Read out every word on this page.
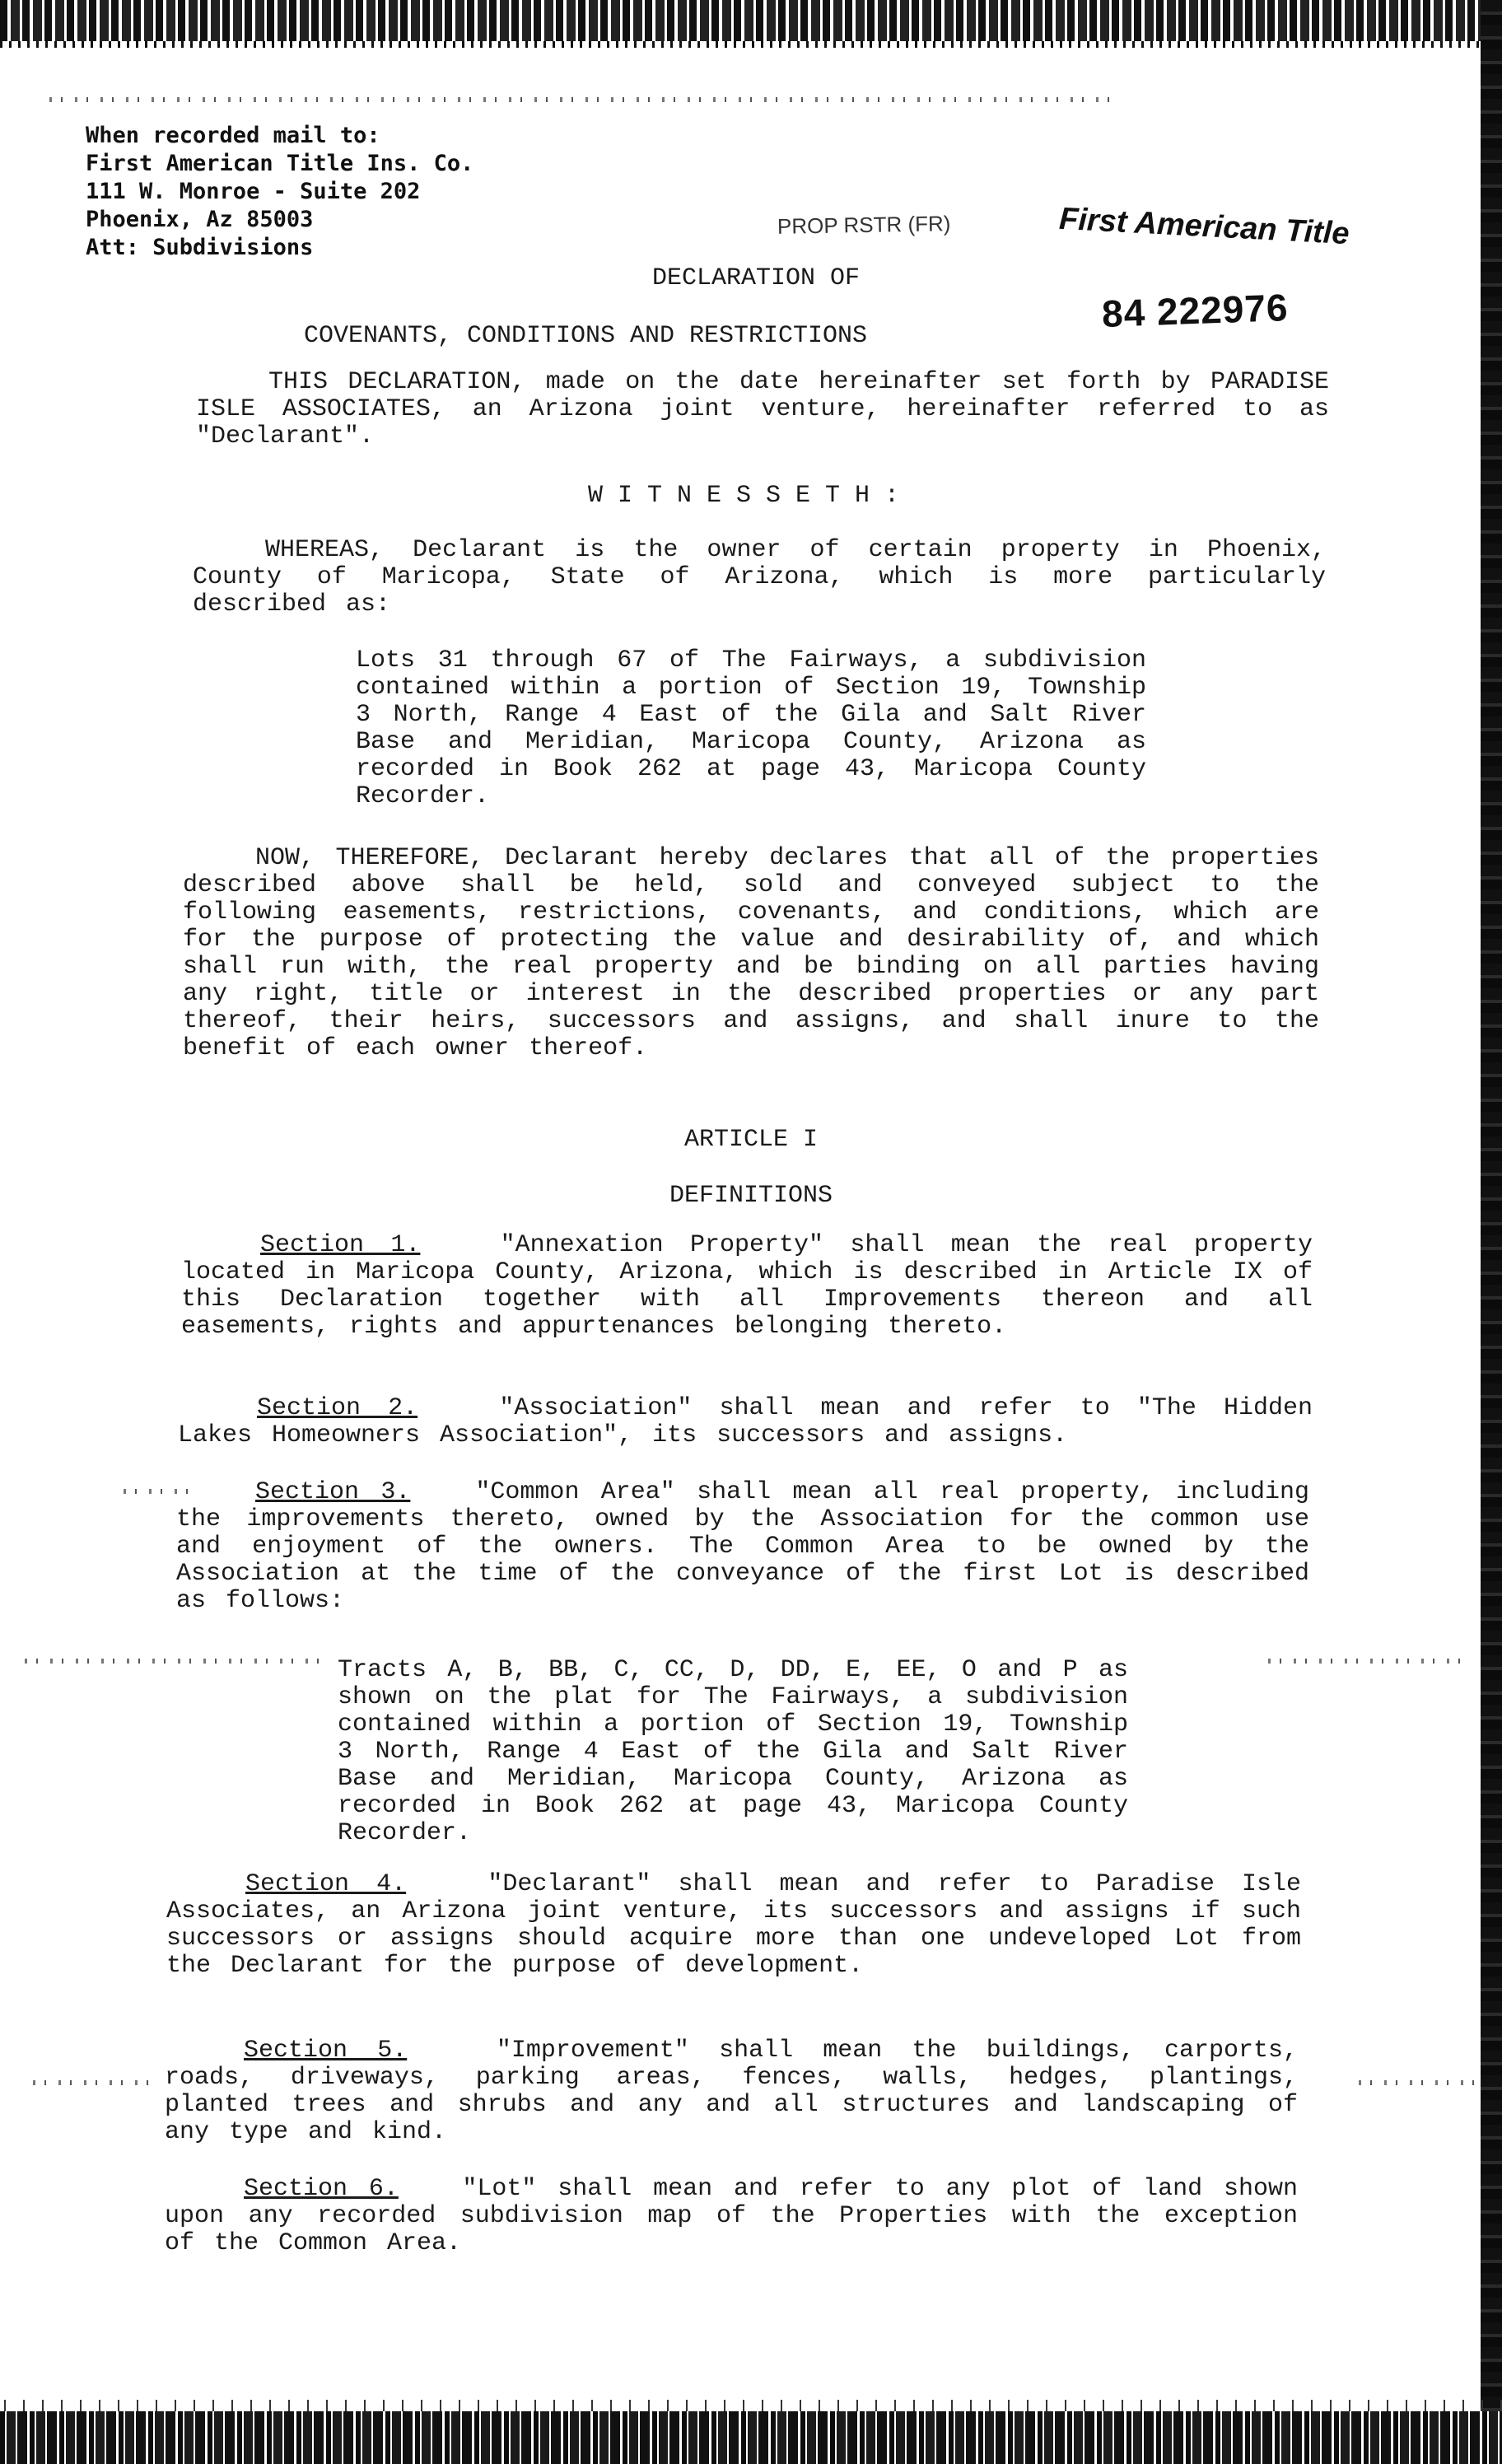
When recorded mail to:
First American Title Ins. Co.
111 W. Monroe - Suite 202
Phoenix, Az 85003
Att: Subdivisions
PROP RSTR (FR)	First American Title
84 222976
DECLARATION OF
COVENANTS, CONDITIONS AND RESTRICTIONS
THIS DECLARATION, made on the date hereinafter set forth by PARADISE ISLE ASSOCIATES, an Arizona joint venture, hereinafter referred to as "Declarant".
WITNESSETH:
WHEREAS, Declarant is the owner of certain property in Phoenix, County of Maricopa, State of Arizona, which is more particularly described as:
Lots 31 through 67 of The Fairways, a subdivision contained within a portion of Section 19, Township 3 North, Range 4 East of the Gila and Salt River Base and Meridian, Maricopa County, Arizona as recorded in Book 262 at page 43, Maricopa County Recorder.
NOW, THEREFORE, Declarant hereby declares that all of the properties described above shall be held, sold and conveyed subject to the following easements, restrictions, covenants, and conditions, which are for the purpose of protecting the value and desirability of, and which shall run with, the real property and be binding on all parties having any right, title or interest in the described properties or any part thereof, their heirs, successors and assigns, and shall inure to the benefit of each owner thereof.
ARTICLE I
DEFINITIONS
Section 1.	"Annexation Property" shall mean the real property located in Maricopa County, Arizona, which is described in Article IX of this Declaration together with all Improvements thereon and all easements, rights and appurtenances belonging thereto.
Section 2.	"Association" shall mean and refer to "The Hidden Lakes Homeowners Association", its successors and assigns.
Section 3.	"Common Area" shall mean all real property, including the improvements thereto, owned by the Association for the common use and enjoyment of the owners. The Common Area to be owned by the Association at the time of the conveyance of the first Lot is described as follows:
Tracts A, B, BB, C, CC, D, DD, E, EE, O and P as shown on the plat for The Fairways, a subdivision contained within a portion of Section 19, Township 3 North, Range 4 East of the Gila and Salt River Base and Meridian, Maricopa County, Arizona as recorded in Book 262 at page 43, Maricopa County Recorder.
Section 4.	"Declarant" shall mean and refer to Paradise Isle Associates, an Arizona joint venture, its successors and assigns if such successors or assigns should acquire more than one undeveloped Lot from the Declarant for the purpose of development.
Section 5.	"Improvement" shall mean the buildings, carports, roads, driveways, parking areas, fences, walls, hedges, plantings, planted trees and shrubs and any and all structures and landscaping of any type and kind.
Section 6.	"Lot" shall mean and refer to any plot of land shown upon any recorded subdivision map of the Properties with the exception of the Common Area.
